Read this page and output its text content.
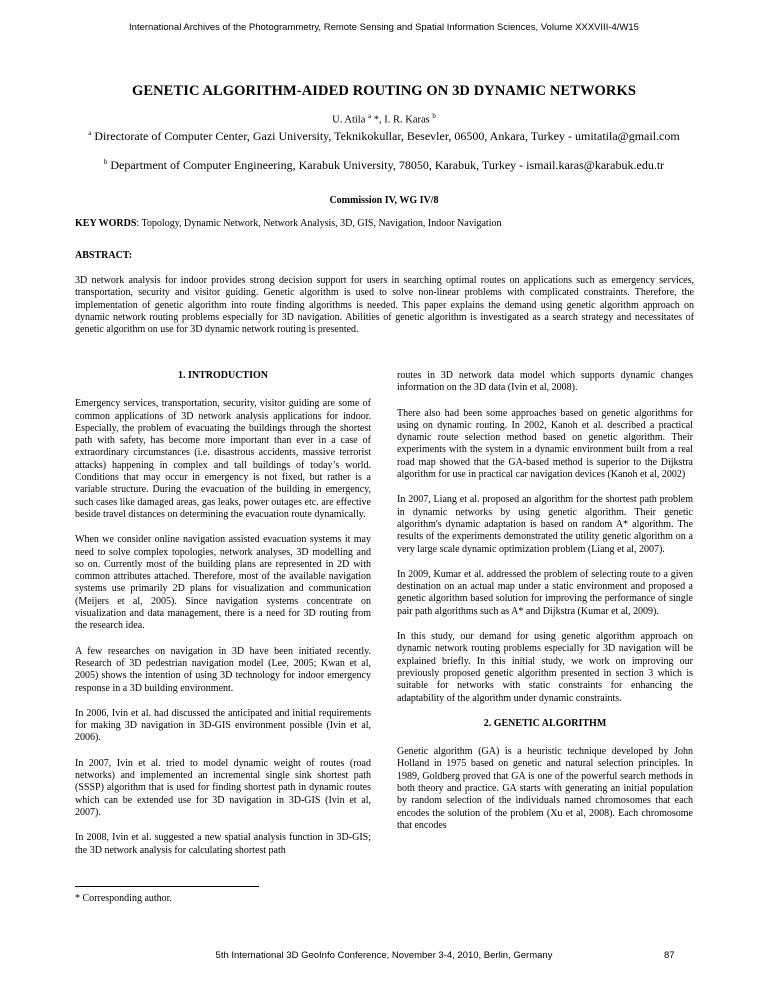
International Archives of the Photogrammetry, Remote Sensing and Spatial Information Sciences, Volume XXXVIII-4/W15
GENETIC ALGORITHM-AIDED ROUTING ON 3D DYNAMIC NETWORKS
U. Atila $^a$ *, I. R. Karas $^b$
$^a$ Directorate of Computer Center, Gazi University, Teknikokullar, Besevler, 06500, Ankara, Turkey - umitatila@gmail.com
$^b$ Department of Computer Engineering, Karabuk University, 78050, Karabuk, Turkey - ismail.karas@karabuk.edu.tr
Commission IV, WG IV/8
KEY WORDS: Topology, Dynamic Network, Network Analysis, 3D, GIS, Navigation, Indoor Navigation
ABSTRACT:
3D network analysis for indoor provides strong decision support for users in searching optimal routes on applications such as emergency services, transportation, security and visitor guiding. Genetic algorithm is used to solve non-linear problems with complicated constraints. Therefore, the implementation of genetic algorithm into route finding algorithms is needed. This paper explains the demand using genetic algorithm approach on dynamic network routing problems especially for 3D navigation. Abilities of genetic algorithm is investigated as a search strategy and necessitates of genetic algorithm on use for 3D dynamic network routing is presented.
1. INTRODUCTION

Emergency services, transportation, security, visitor guiding are some of common applications of 3D network analysis applications for indoor. Especially, the problem of evacuating the buildings through the shortest path with safety, has become more important than ever in a case of extraordinary circumstances (i.e. disastrous accidents, massive terrorist attacks) happening in complex and tall buildings of today’s world. Conditions that may occur in emergency is not fixed, but rather is a variable structure. During the evacuation of the building in emergency, such cases like damaged areas, gas leaks, power outages etc. are effective beside travel distances on determining the evacuation route dynamically.

When we consider online navigation assisted evacuation systems it may need to solve complex topologies, network analyses, 3D modelling and so on. Currently most of the building plans are represented in 2D with common attributes attached. Therefore, most of the available navigation systems use primarily 2D plans for visualization and communication (Meijers et al, 2005). Since navigation systems concentrate on visualization and data management, there is a need for 3D routing from the research idea.

A few researches on navigation in 3D have been initiated recently. Research of 3D pedestrian navigation model (Lee, 2005; Kwan et al, 2005) shows the intention of using 3D technology for indoor emergency response in a 3D building environment.

In 2006, Ivin et al. had discussed the anticipated and initial requirements for making 3D navigation in 3D-GIS environment possible (Ivin et al, 2006).

In 2007, Ivin et al. tried to model dynamic weight of routes (road networks) and implemented an incremental single sink shortest path (SSSP) algorithm that is used for finding shortest path in dynamic routes which can be extended use for 3D navigation in 3D-GIS (Ivin et al, 2007).

In 2008, Ivin et al. suggested a new spatial analysis function in 3D-GIS; the 3D network analysis for calculating shortest path

routes in 3D network data model which supports dynamic changes information on the 3D data (Ivin et al, 2008).

There also had been some approaches based on genetic algorithms for using on dynamic routing. In 2002, Kanoh et al. described a practical dynamic route selection method based on genetic algorithm. Their experiments with the system in a dynamic environment built from a real road map showed that the GA-based method is superior to the Dijkstra algorithm for use in practical car navigation devices (Kanoh et al, 2002)

In 2007, Liang et al. proposed an algorithm for the shortest path problem in dynamic networks by using genetic algorithm. Their genetic algorithm's dynamic adaptation is based on random A* algorithm. The results of the experiments demonstrated the utility genetic algorithm on a very large scale dynamic optimization problem (Liang et al, 2007).

In 2009, Kumar et al. addressed the problem of selecting route to a given destination on an actual map under a static environment and proposed a genetic algorithm based solution for improving the performance of single pair path algorithms such as A* and Dijkstra (Kumar et al, 2009).

In this study, our demand for using genetic algorithm approach on dynamic network routing problems especially for 3D navigation will be explained briefly. In this initial study, we work on improving our previously proposed genetic algorithm presented in section 3 which is suitable for networks with static constraints for enhancing the adaptability of the algorithm under dynamic constraints.

2. GENETIC ALGORITHM

Genetic algorithm (GA) is a heuristic technique developed by John Holland in 1975 based on genetic and natural selection principles. In 1989, Goldberg proved that GA is one of the powerful search methods in both theory and practice. GA starts with generating an initial population by random selection of the individuals named chromosomes that each encodes the solution of the problem (Xu et al, 2008). Each chromosome that encodes

* Corresponding author.
5th International 3D GeoInfo Conference, November 3-4, 2010, Berlin, Germany	87
